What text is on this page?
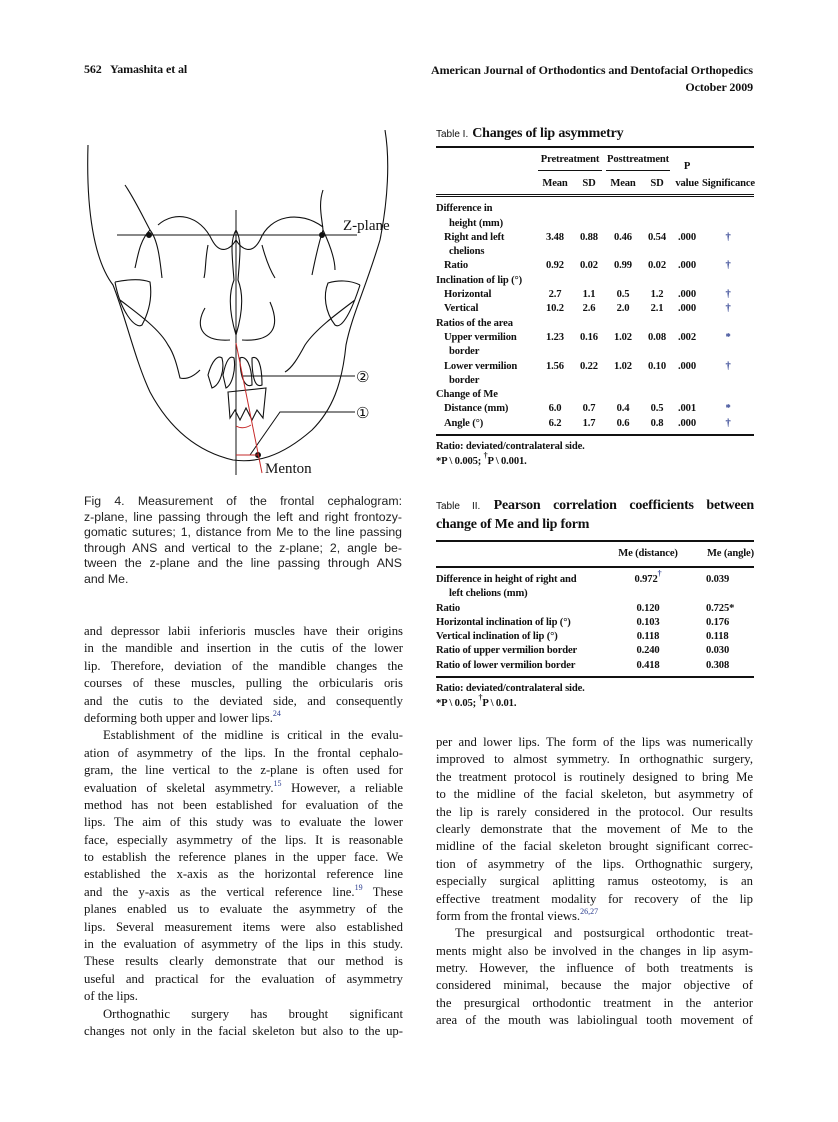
562 Yamashita et al	American Journal of Orthodontics and Dentofacial Orthopedics
October 2009
Z-plane
Menton
②
①
Fig 4. Measurement of the frontal cephalogram:
z-plane, line passing through the left and right frontozy-
gomatic sutures; 1, distance from Me to the line passing
through ANS and vertical to the z-plane; 2, angle be-
tween the z-plane and the line passing through ANS
and Me.
and depressor labii inferioris muscles have their origins
in the mandible and insertion in the cutis of the lower
lip. Therefore, deviation of the mandible changes the
courses of these muscles, pulling the orbicularis oris
and the cutis to the deviated side, and consequently
deforming both upper and lower lips.$^{24}$
Establishment of the midline is critical in the evalu-
ation of asymmetry of the lips. In the frontal cephalo-
gram, the line vertical to the z-plane is often used for
evaluation of skeletal asymmetry.$^{15}$ However, a reliable
method has not been established for evaluation of the
lips. The aim of this study was to evaluate the lower
face, especially asymmetry of the lips. It is reasonable
to establish the reference planes in the upper face. We
established the x-axis as the horizontal reference line
and the y-axis as the vertical reference line.$^{19}$ These
planes enabled us to evaluate the asymmetry of the
lips. Several measurement items were also established
in the evaluation of asymmetry of the lips in this study.
These results clearly demonstrate that our method is
useful and practical for the evaluation of asymmetry
of the lips.
Orthognathic surgery has brought significant
changes not only in the facial skeleton but also to the up-
per and lower lips. The form of the lips was numerically
improved to almost symmetry. In orthognathic surgery,
the treatment protocol is routinely designed to bring Me
to the midline of the facial skeleton, but asymmetry of
the lip is rarely considered in the protocol. Our results
clearly demonstrate that the movement of Me to the
midline of the facial skeleton brought significant correc-
tion of asymmetry of the lips. Orthognathic surgery,
especially surgical aplitting ramus osteotomy, is an
effective treatment modality for recovery of the lip
form from the frontal views.$^{26,27}$
The presurgical and postsurgical orthodontic treat-
ments might also be involved in the changes in lip asym-
metry. However, the influence of both treatments is
considered minimal, because the major objective of
the presurgical orthodontic treatment in the anterior
area of the mouth was labiolingual tooth movement of
Table I. Changes of lip asymmetry

	Pretreatment		Posttreatment		P	
	Mean	SD	Mean	SD	value	Significance

Difference in
height (mm)						

Right and left
chelions	3.48	0.88	0.46	0.54	.000	†

Ratio	0.92	0.02	0.99	0.02	.000	†

Inclination of lip (°)						

Horizontal	2.7	1.1	0.5	1.2	.000	†

Vertical	10.2	2.6	2.0	2.1	.000	†

Ratios of the area						

Upper vermilion
border	1.23	0.16	1.02	0.08	.002	*

Lower vermilion
border	1.56	0.22	1.02	0.10	.000	†

Change of Me						

Distance (mm)	6.0	0.7	0.4	0.5	.001	*

Angle (°)	6.2	1.7	0.6	0.8	.000	†
Ratio: deviated/contralateral side.
*P \ 0.005; †P \ 0.001.
Table II. Pearson correlation coefficients between
change of Me and lip form
	Me (distance)	Me (angle)

Difference in height of right and
left chelions (mm)	0.972†	0.039

Ratio	0.120	0.725*

Horizontal inclination of lip (°)	0.103	0.176

Vertical inclination of lip (°)	0.118	0.118

Ratio of upper vermilion border	0.240	0.030

Ratio of lower vermilion border	0.418	0.308
Ratio: deviated/contralateral side.
*P \ 0.05; †P \ 0.01.
